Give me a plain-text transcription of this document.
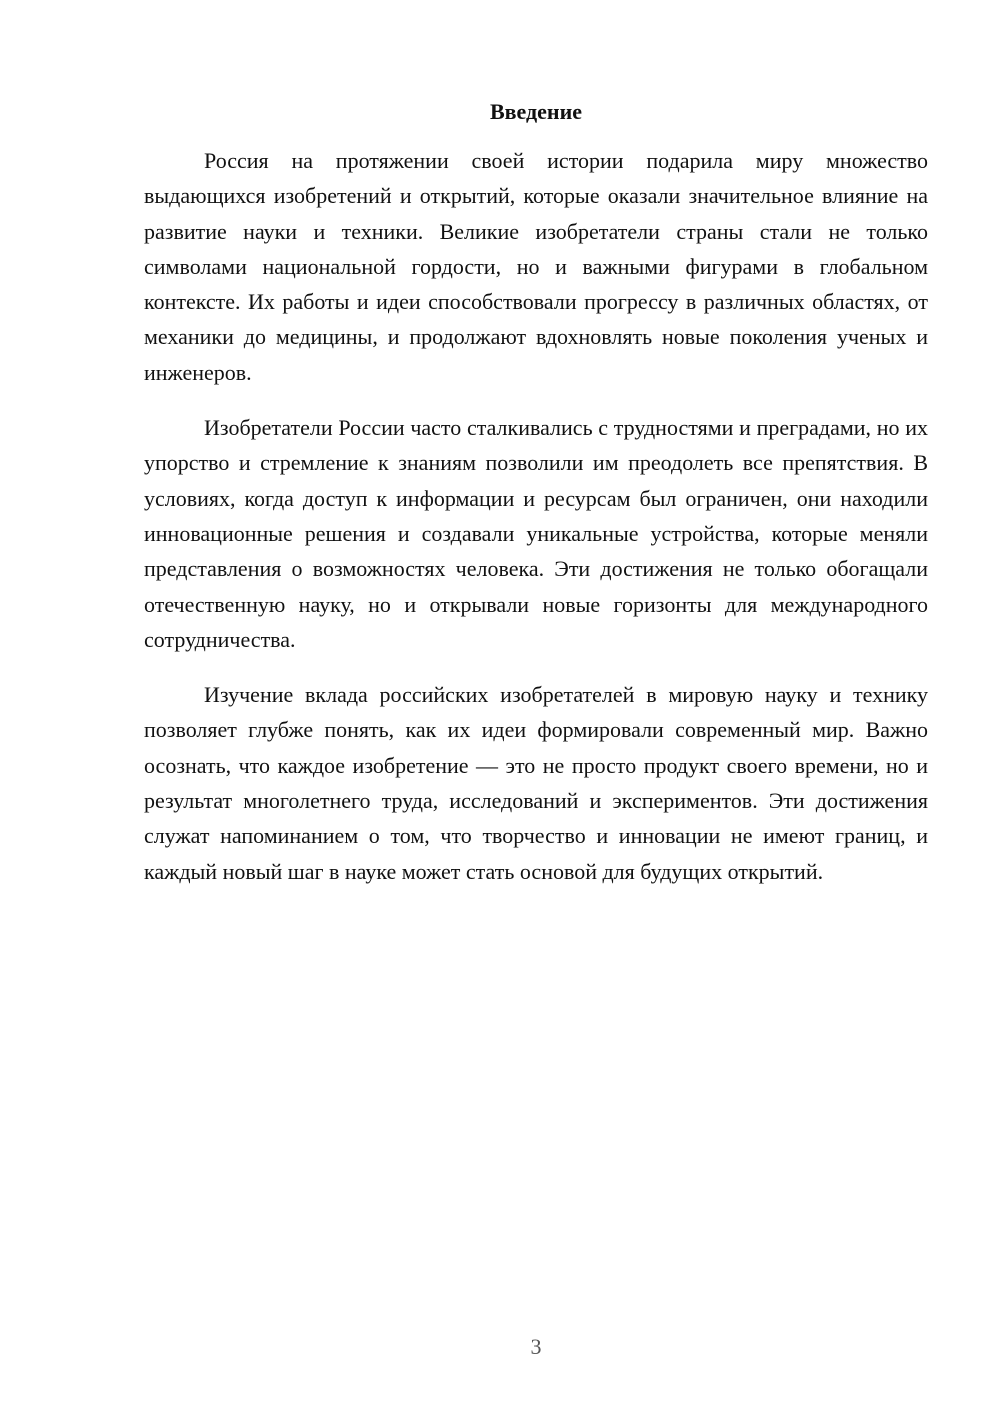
Введение

Россия на протяжении своей истории подарила миру множество выдающихся изобретений и открытий, которые оказали значительное влияние на развитие науки и техники. Великие изобретатели страны стали не только символами национальной гордости, но и важными фигурами в глобальном контексте. Их работы и идеи способствовали прогрессу в различных областях, от механики до медицины, и продолжают вдохновлять новые поколения ученых и инженеров.

Изобретатели России часто сталкивались с трудностями и преградами, но их упорство и стремление к знаниям позволили им преодолеть все препятствия. В условиях, когда доступ к информации и ресурсам был ограничен, они находили инновационные решения и создавали уникальные устройства, которые меняли представления о возможностях человека. Эти достижения не только обогащали отечественную науку, но и открывали новые горизонты для международного сотрудничества.

Изучение вклада российских изобретателей в мировую науку и технику позволяет глубже понять, как их идеи формировали современный мир. Важно осознать, что каждое изобретение — это не просто продукт своего времени, но и результат многолетнего труда, исследований и экспериментов. Эти достижения служат напоминанием о том, что творчество и инновации не имеют границ, и каждый новый шаг в науке может стать основой для будущих открытий.

3
